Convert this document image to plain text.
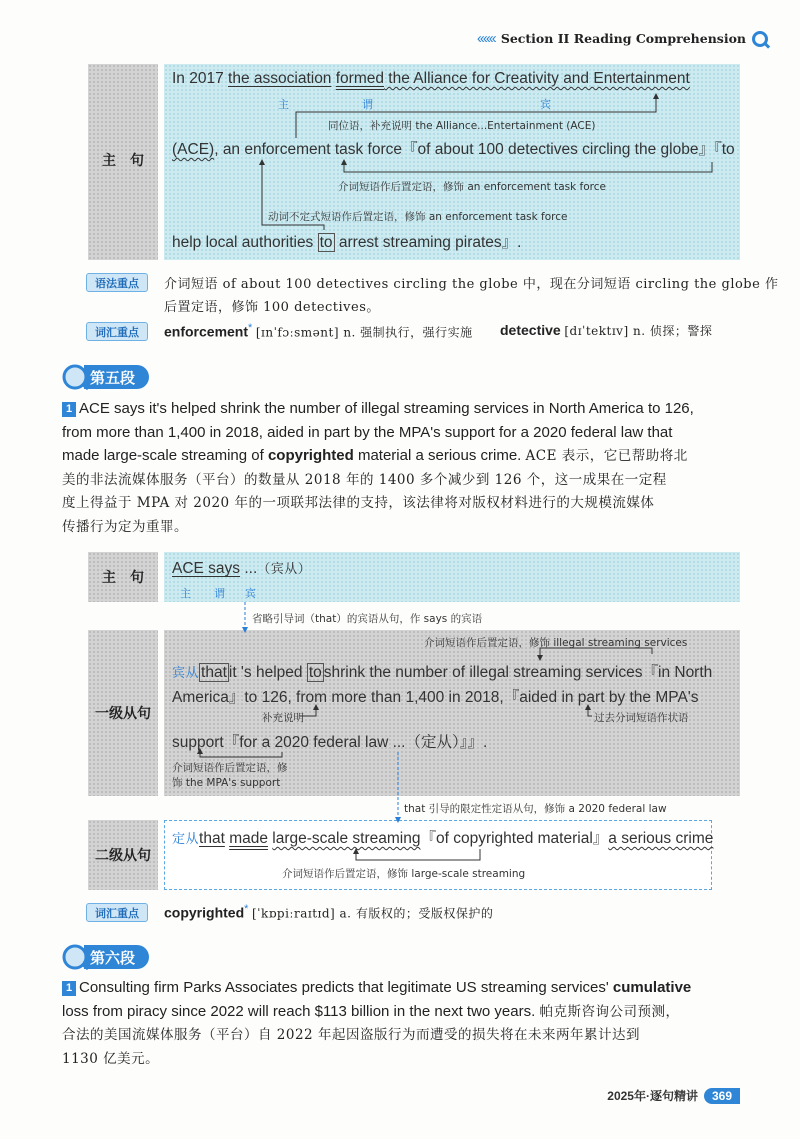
‹‹‹‹‹‹ Section II Reading Comprehension
主　句
In 2017 the association formed the Alliance for Creativity and Entertainment
主	谓	宾
同位语，补充说明 the Alliance...Entertainment (ACE)
(ACE), an enforcement task force『of about 100 detectives circling the globe』『to
介词短语作后置定语，修饰 an enforcement task force
动词不定式短语作后置定语，修饰 an enforcement task force
help local authorities to arrest streaming pirates』.
语法重点	介词短语 of about 100 detectives circling the globe 中，现在分词短语 circling the globe 作
后置定语，修饰 100 detectives。
词汇重点	enforcement* [ɪnˈfɔːsmənt] n. 强制执行，强行实施 detective [dɪˈtektɪv] n. 侦探；警探
第五段
1 ACE says it's helped shrink the number of illegal streaming services in North America to 126,
from more than 1,400 in 2018, aided in part by the MPA's support for a 2020 federal law that
made large-scale streaming of copyrighted material a serious crime. ACE 表示，它已帮助将北
美的非法流媒体服务（平台）的数量从 2018 年的 1400 多个减少到 126 个，这一成果在一定程
度上得益于 MPA 对 2020 年的一项联邦法律的支持，该法律将对版权材料进行的大规模流媒体
传播行为定为重罪。
主　句	ACE says ...（宾从）
主 谓 宾
省略引导词（that）的宾语从句，作 says 的宾语
一级从句
介词短语作后置定语，修饰 illegal streaming services
宾从 that it 's helped to shrink the number of illegal streaming services『in North
America』to 126, from more than 1,400 in 2018,『aided in part by the MPA's
补充说明	过去分词短语作状语
support『for a 2020 federal law ...（定从）』』.
介词短语作后置定语，修
饰 the MPA's support
that 引导的限定性定语从句，修饰 a 2020 federal law
二级从句
定从that made large-scale streaming『of copyrighted material』a serious crime
介词短语作后置定语，修饰 large-scale streaming
词汇重点	copyrighted* [ˈkɒpiːraɪtɪd] a. 有版权的；受版权保护的
第六段
1 Consulting firm Parks Associates predicts that legitimate US streaming services' cumulative
loss from piracy since 2022 will reach $113 billion in the next two years. 帕克斯咨询公司预测，
合法的美国流媒体服务（平台）自 2022 年起因盗版行为而遭受的损失将在未来两年累计达到
1130 亿美元。
2025年·逐句精讲	369
